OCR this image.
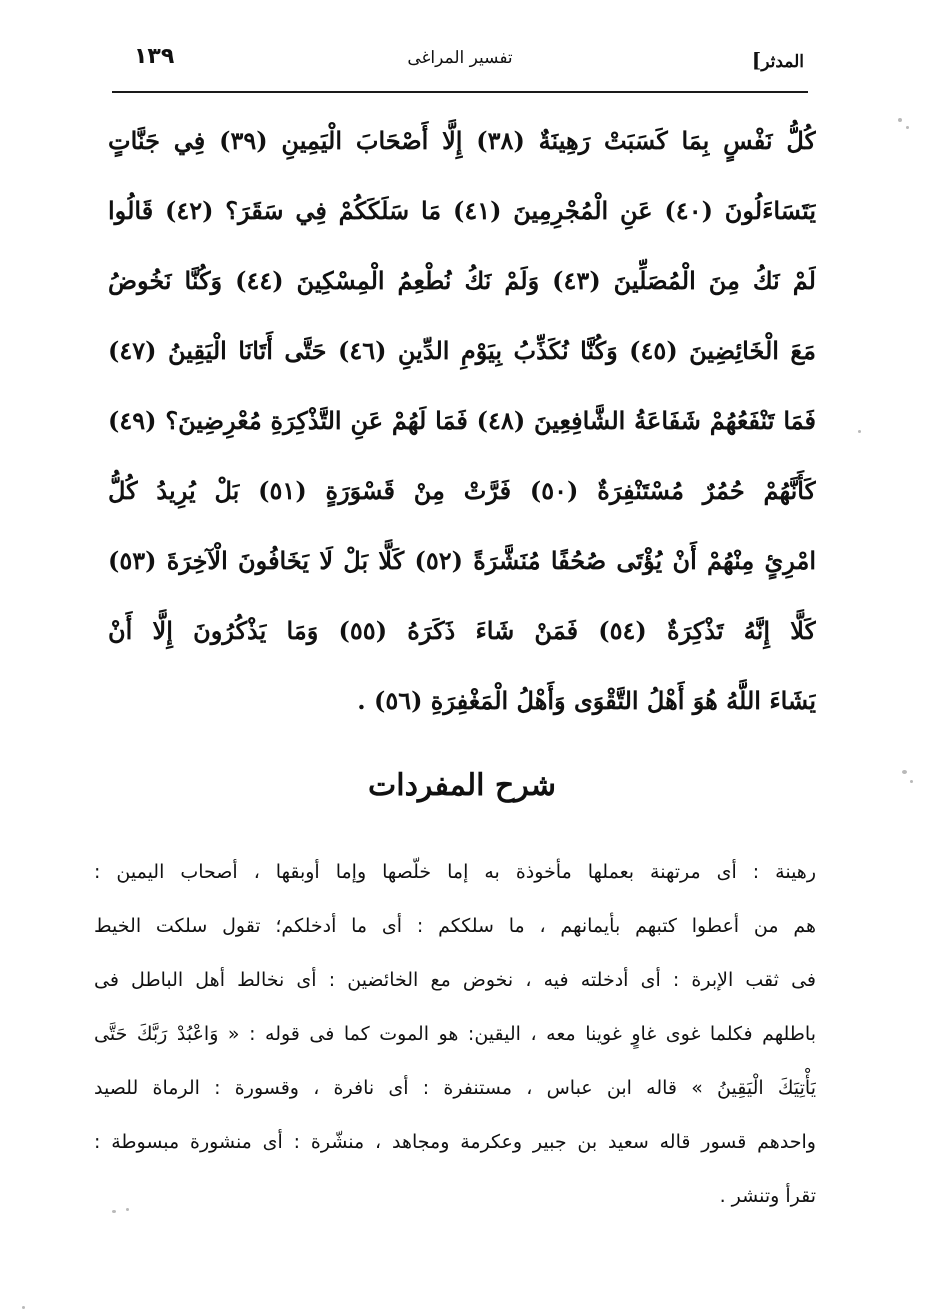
١٣٩	تفسير المراغى	المدثر]
كُلُّ نَفْسٍ بِمَا كَسَبَتْ رَهِينَةٌ (٣٨) إِلَّا أَصْحَابَ الْيَمِينِ (٣٩) فِي جَنَّاتٍ
يَتَسَاءَلُونَ (٤٠) عَنِ الْمُجْرِمِينَ (٤١) مَا سَلَكَكُمْ فِي سَقَرَ؟ (٤٢) قَالُوا
لَمْ نَكُ مِنَ الْمُصَلِّينَ (٤٣) وَلَمْ نَكُ نُطْعِمُ الْمِسْكِينَ (٤٤) وَكُنَّا نَخُوضُ
مَعَ الْخَائِضِينَ (٤٥) وَكُنَّا نُكَذِّبُ بِيَوْمِ الدِّينِ (٤٦) حَتَّى أَتَانَا الْيَقِينُ (٤٧)
فَمَا تَنْفَعُهُمْ شَفَاعَةُ الشَّافِعِينَ (٤٨) فَمَا لَهُمْ عَنِ التَّذْكِرَةِ مُعْرِضِينَ؟ (٤٩)
كَأَنَّهُمْ حُمُرٌ مُسْتَنْفِرَةٌ (٥٠) فَرَّتْ مِنْ قَسْوَرَةٍ (٥١) بَلْ يُرِيدُ كُلُّ
امْرِئٍ مِنْهُمْ أَنْ يُؤْتَى صُحُفًا مُنَشَّرَةً (٥٢) كَلَّا بَلْ لَا يَخَافُونَ الْآخِرَةَ (٥٣)
كَلَّا إِنَّهُ تَذْكِرَةٌ (٥٤) فَمَنْ شَاءَ ذَكَرَهُ (٥٥) وَمَا يَذْكُرُونَ إِلَّا أَنْ
يَشَاءَ اللَّهُ هُوَ أَهْلُ التَّقْوَى وَأَهْلُ الْمَغْفِرَةِ (٥٦) .
شرح المفردات
رهينة : أى مرتهنة بعملها مأخوذة به إما خلّصها وإما أوبقها ، أصحاب اليمين :
هم من أعطوا كتبهم بأيمانهم ، ما سلككم : أى ما أدخلكم؛ تقول سلكت الخيط
فى ثقب الإبرة : أى أدخلته فيه ، نخوض مع الخائضين : أى نخالط أهل الباطل فى
باطلهم فكلما غوى غاوٍ غوينا معه ، اليقين: هو الموت كما فى قوله : « وَاعْبُدْ رَبَّكَ حَتَّى
يَأْتِيَكَ الْيَقِينُ » قاله ابن عباس ، مستنفرة : أى نافرة ، وقسورة : الرماة للصيد
واحدهم قسور قاله سعيد بن جبير وعكرمة ومجاهد ، منشّرة : أى منشورة مبسوطة :
تقرأ وتنشر .
